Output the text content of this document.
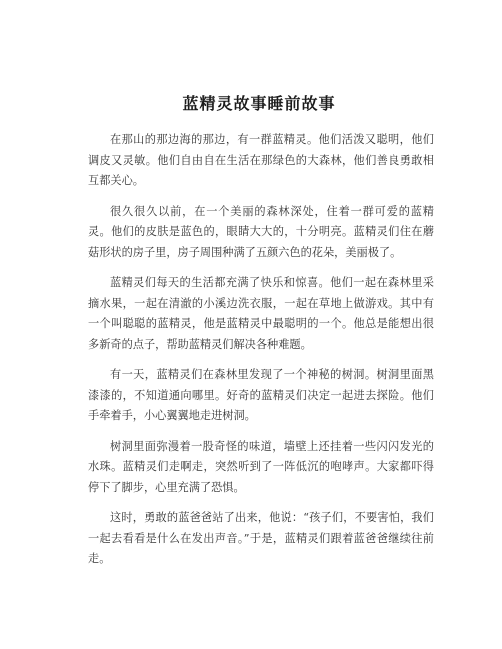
蓝精灵故事睡前故事

在那山的那边海的那边，有一群蓝精灵。他们活泼又聪明，他们调皮又灵敏。他们自由自在生活在那绿色的大森林，他们善良勇敢相互都关心。

很久很久以前，在一个美丽的森林深处，住着一群可爱的蓝精灵。他们的皮肤是蓝色的，眼睛大大的，十分明亮。蓝精灵们住在蘑菇形状的房子里，房子周围种满了五颜六色的花朵，美丽极了。

蓝精灵们每天的生活都充满了快乐和惊喜。他们一起在森林里采摘水果，一起在清澈的小溪边洗衣服，一起在草地上做游戏。其中有一个叫聪聪的蓝精灵，他是蓝精灵中最聪明的一个。他总是能想出很多新奇的点子，帮助蓝精灵们解决各种难题。

有一天，蓝精灵们在森林里发现了一个神秘的树洞。树洞里面黑漆漆的，不知道通向哪里。好奇的蓝精灵们决定一起进去探险。他们手牵着手，小心翼翼地走进树洞。

树洞里面弥漫着一股奇怪的味道，墙壁上还挂着一些闪闪发光的水珠。蓝精灵们走啊走，突然听到了一阵低沉的咆哮声。大家都吓得停下了脚步，心里充满了恐惧。

这时，勇敢的蓝爸爸站了出来，他说：“孩子们，不要害怕，我们一起去看看是什么在发出声音。”于是，蓝精灵们跟着蓝爸爸继续往前走。
